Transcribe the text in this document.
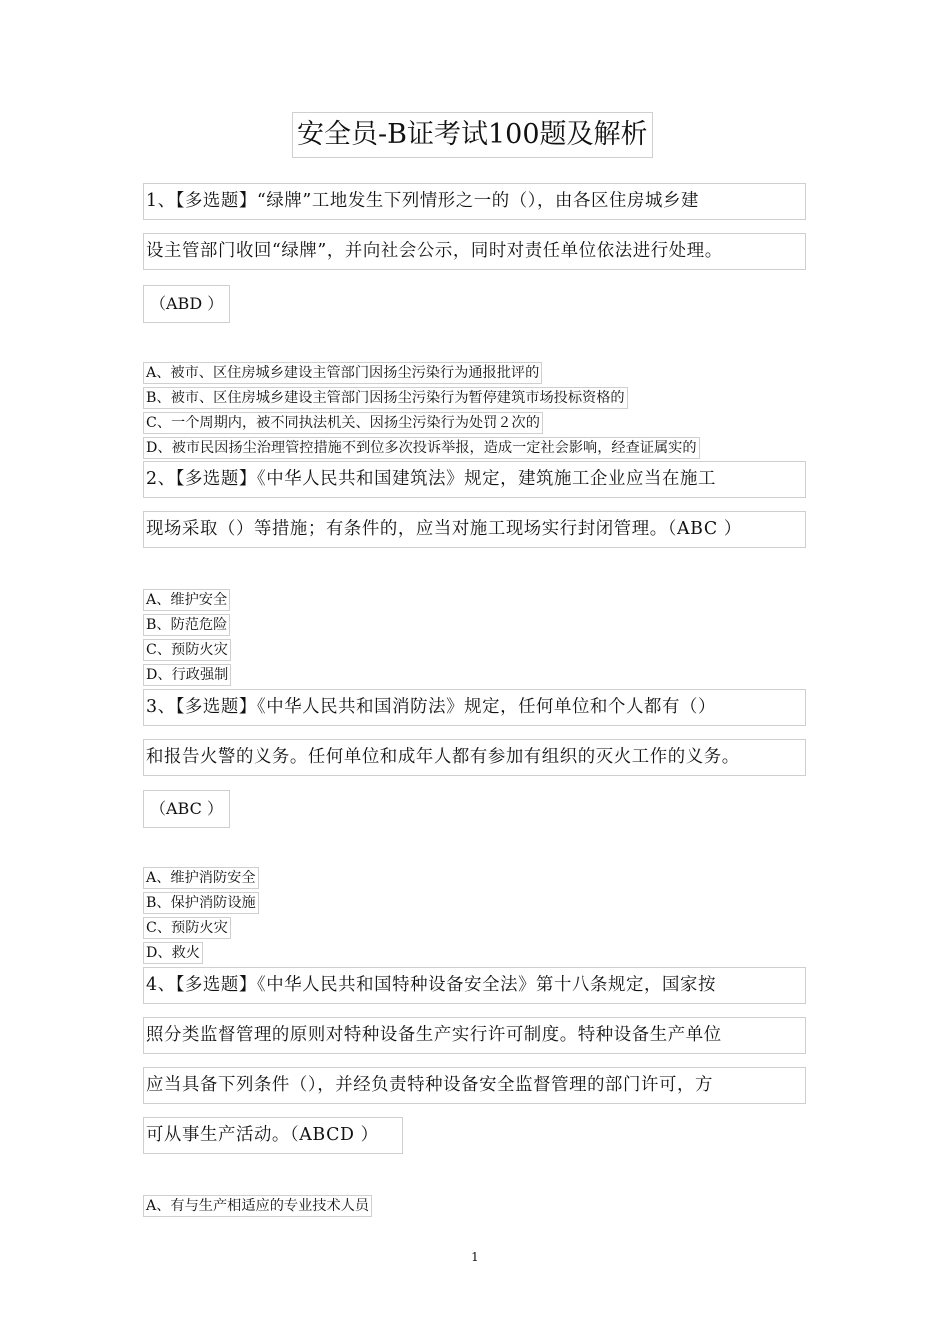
安全员-B证考试100题及解析
1、【多选题】“绿牌”工地发生下列情形之一的（），由各区住房城乡建
设主管部门收回“绿牌”，并向社会公示，同时对责任单位依法进行处理。
（ABD ）
A、被市、区住房城乡建设主管部门因扬尘污染行为通报批评的
B、被市、区住房城乡建设主管部门因扬尘污染行为暂停建筑市场投标资格的
C、一个周期内，被不同执法机关、因扬尘污染行为处罚２次的
D、被市民因扬尘治理管控措施不到位多次投诉举报，造成一定社会影响，经查证属实的
2、【多选题】《中华人民共和国建筑法》规定，建筑施工企业应当在施工
现场采取（）等措施；有条件的，应当对施工现场实行封闭管理。（ABC ）
A、维护安全
B、防范危险
C、预防火灾
D、行政强制
3、【多选题】《中华人民共和国消防法》规定，任何单位和个人都有（）
和报告火警的义务。任何单位和成年人都有参加有组织的灭火工作的义务。
（ABC ）
A、维护消防安全
B、保护消防设施
C、预防火灾
D、救火
4、【多选题】《中华人民共和国特种设备安全法》第十八条规定，国家按
照分类监督管理的原则对特种设备生产实行许可制度。特种设备生产单位
应当具备下列条件（），并经负责特种设备安全监督管理的部门许可，方
可从事生产活动。（ABCD ）
A、有与生产相适应的专业技术人员
1
